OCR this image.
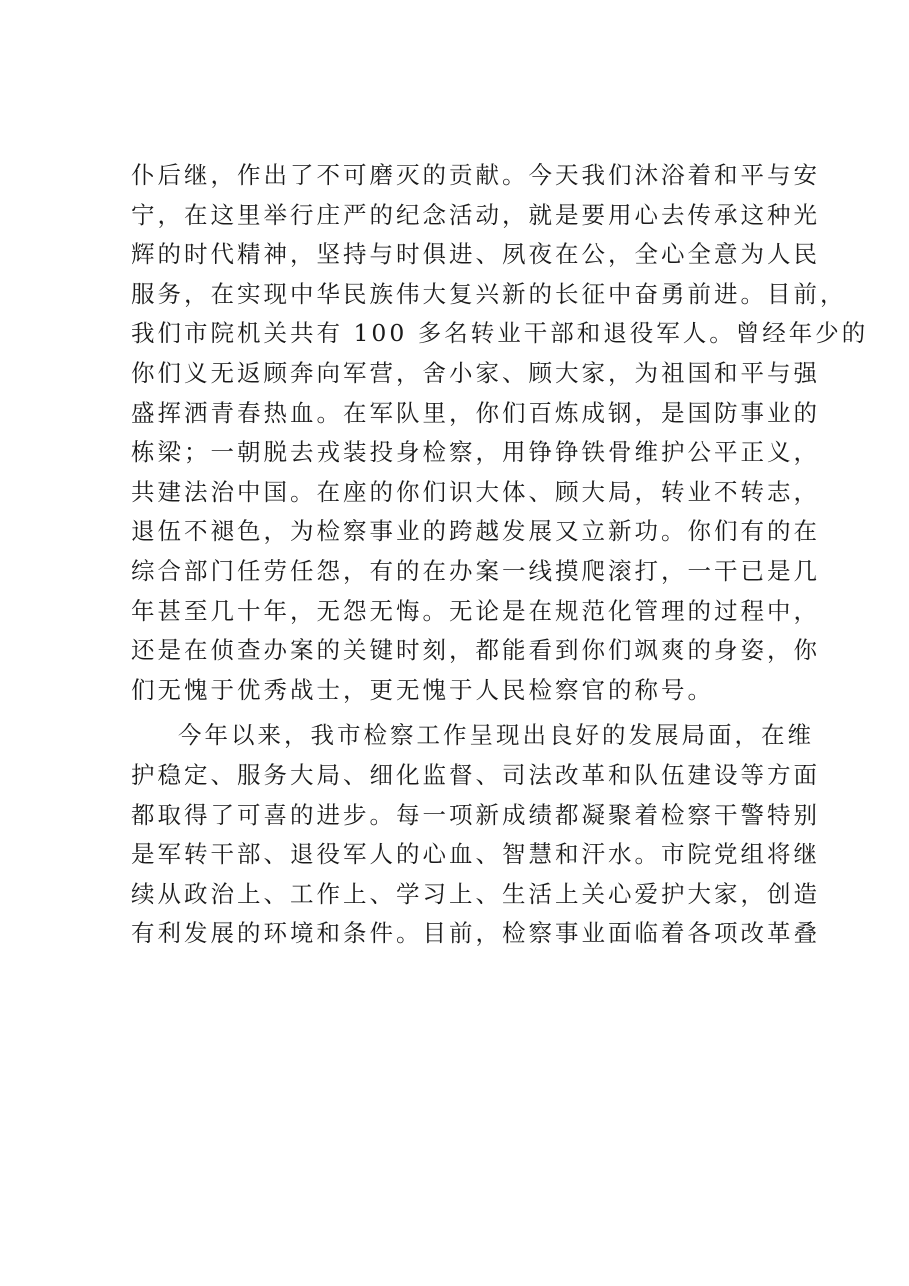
仆后继，作出了不可磨灭的贡献。今天我们沐浴着和平与安
宁，在这里举行庄严的纪念活动，就是要用心去传承这种光
辉的时代精神，坚持与时俱进、夙夜在公，全心全意为人民
服务，在实现中华民族伟大复兴新的长征中奋勇前进。目前，
我们市院机关共有 100 多名转业干部和退役军人。曾经年少的
你们义无返顾奔向军营，舍小家、顾大家，为祖国和平与强
盛挥洒青春热血。在军队里，你们百炼成钢，是国防事业的
栋梁；一朝脱去戎装投身检察，用铮铮铁骨维护公平正义，
共建法治中国。在座的你们识大体、顾大局，转业不转志，
退伍不褪色，为检察事业的跨越发展又立新功。你们有的在
综合部门任劳任怨，有的在办案一线摸爬滚打，一干已是几
年甚至几十年，无怨无悔。无论是在规范化管理的过程中，
还是在侦查办案的关键时刻，都能看到你们飒爽的身姿，你
们无愧于优秀战士，更无愧于人民检察官的称号。
今年以来，我市检察工作呈现出良好的发展局面，在维
护稳定、服务大局、细化监督、司法改革和队伍建设等方面
都取得了可喜的进步。每一项新成绩都凝聚着检察干警特别
是军转干部、退役军人的心血、智慧和汗水。市院党组将继
续从政治上、工作上、学习上、生活上关心爱护大家，创造
有利发展的环境和条件。目前，检察事业面临着各项改革叠
